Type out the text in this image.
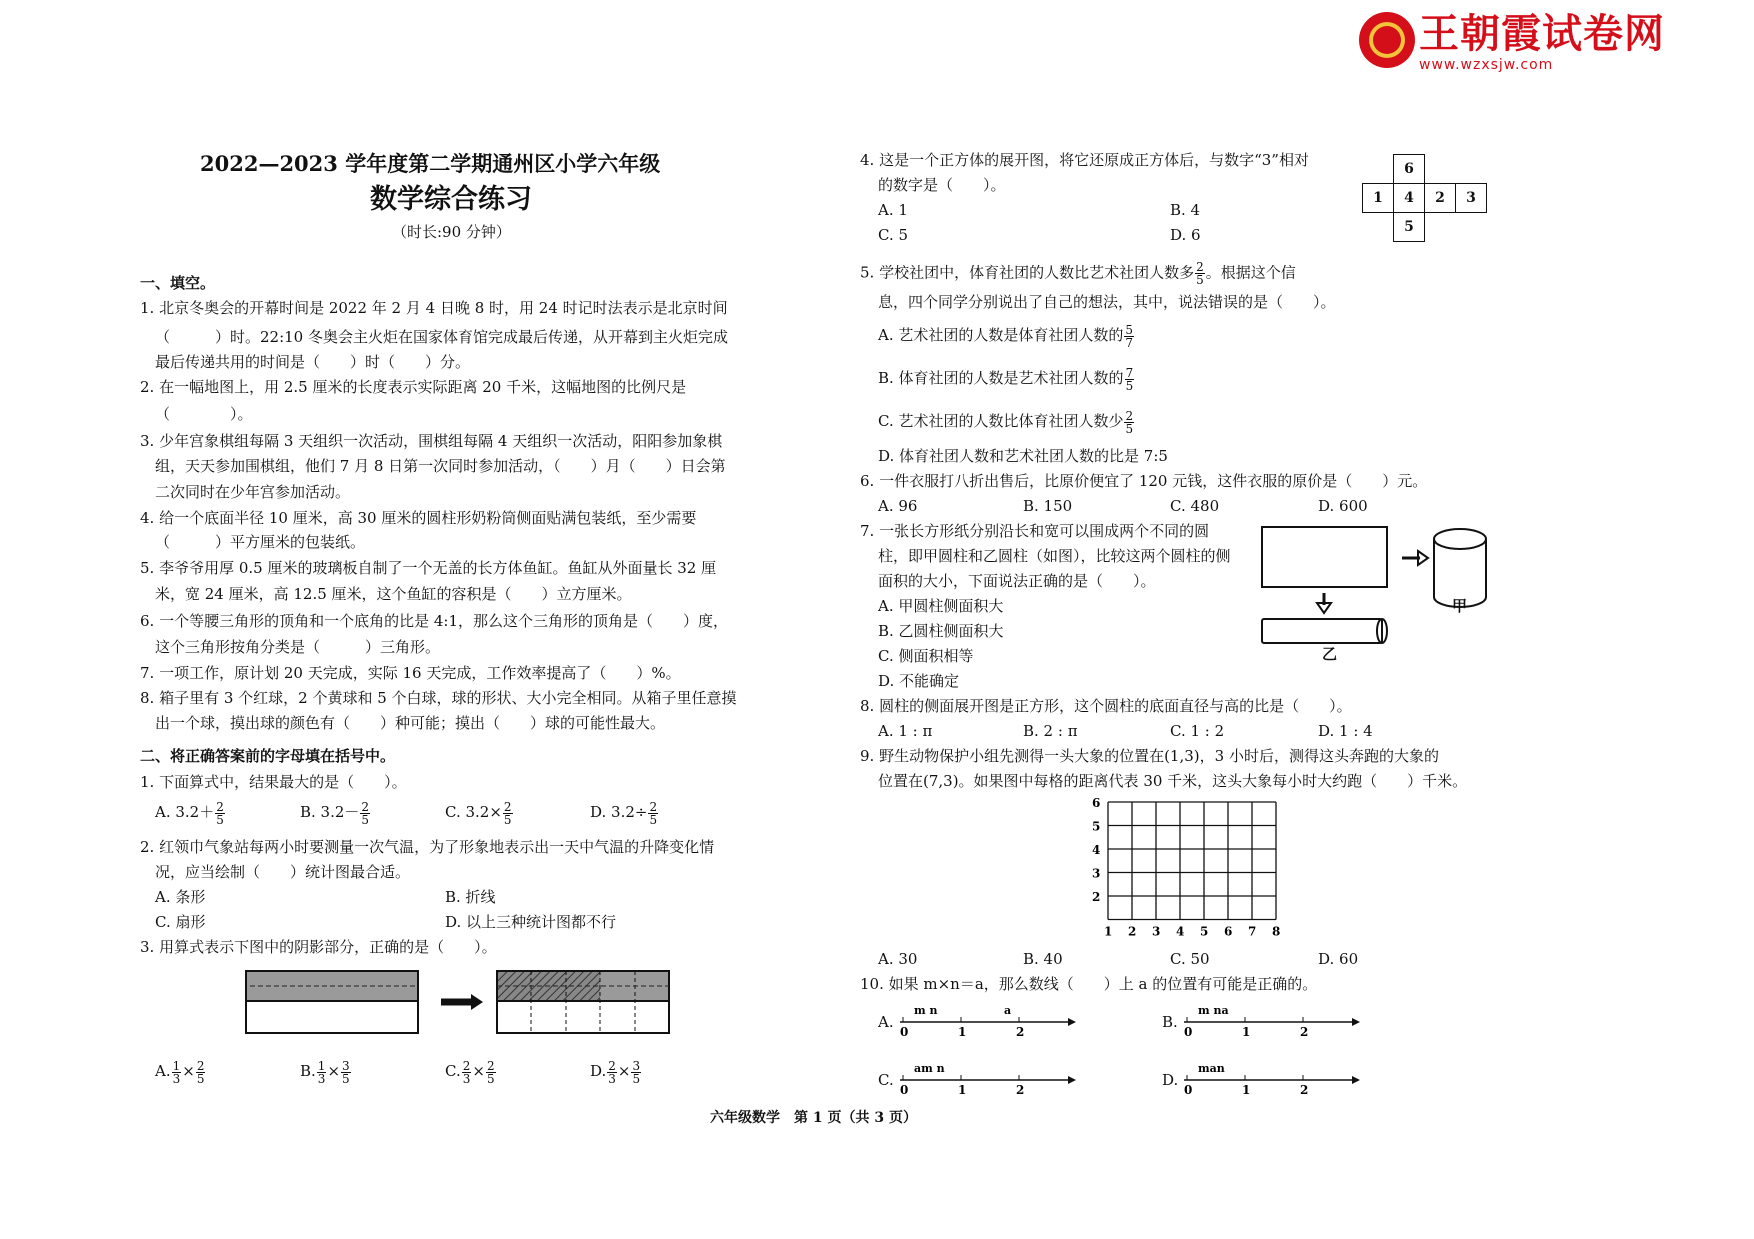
王朝霞试卷网
www.wzxsjw.com
2022—2023 学年度第二学期通州区小学六年级
数学综合练习
（时长:90 分钟）
一、填空。
1. 北京冬奥会的开幕时间是 2022 年 2 月 4 日晚 8 时，用 24 时记时法表示是北京时间
（　　　）时。22:10 冬奥会主火炬在国家体育馆完成最后传递，从开幕到主火炬完成
最后传递共用的时间是（　　）时（　　）分。
2. 在一幅地图上，用 2.5 厘米的长度表示实际距离 20 千米，这幅地图的比例尺是
（　　　　）。
3. 少年宫象棋组每隔 3 天组织一次活动，围棋组每隔 4 天组织一次活动，阳阳参加象棋
组，天天参加围棋组，他们 7 月 8 日第一次同时参加活动，（　　）月（　　）日会第
二次同时在少年宫参加活动。
4. 给一个底面半径 10 厘米，高 30 厘米的圆柱形奶粉筒侧面贴满包装纸，至少需要
（　　　）平方厘米的包装纸。
5. 李爷爷用厚 0.5 厘米的玻璃板自制了一个无盖的长方体鱼缸。鱼缸从外面量长 32 厘
米，宽 24 厘米，高 12.5 厘米，这个鱼缸的容积是（　　）立方厘米。
6. 一个等腰三角形的顶角和一个底角的比是 4:1，那么这个三角形的顶角是（　　）度，
这个三角形按角分类是（　　　）三角形。
7. 一项工作，原计划 20 天完成，实际 16 天完成，工作效率提高了（　　）%。
8. 箱子里有 3 个红球，2 个黄球和 5 个白球，球的形状、大小完全相同。从箱子里任意摸
出一个球，摸出球的颜色有（　　）种可能；摸出（　　）球的可能性最大。
二、将正确答案前的字母填在括号中。
1. 下面算式中，结果最大的是（　　）。
A. $3.2+ \frac{2}{5}$	B. $3.2- \frac{2}{5}$	C. $3.2\times \frac{2}{5}$	D. $3.2\div \frac{2}{5}$
2. 红领巾气象站每两小时要测量一次气温，为了形象地表示出一天中气温的升降变化情
况，应当绘制（　　）统计图最合适。
A. 条形	B. 折线
C. 扇形	D. 以上三种统计图都不行
3. 用算式表示下图中的阴影部分，正确的是（　　）。
A. $\frac{1}{3} \times \frac{2}{5}$	B. $\frac{1}{3} \times \frac{3}{5}$	C. $\frac{2}{3} \times \frac{2}{5}$	D. $\frac{2}{3} \times \frac{3}{5}$
4. 这是一个正方体的展开图，将它还原成正方体后，与数字“3”相对
的数字是（　　）。
A. 1	B. 4
C. 5	D. 6
	6		
1	4	2	3
	5		
5. 学校社团中，体育社团的人数比艺术社团人数多 $\frac{2}{5}$ 。根据这个信
息，四个同学分别说出了自己的想法，其中，说法错误的是（　　）。
A. 艺术社团的人数是体育社团人数的 $\frac{5}{7}$
B. 体育社团的人数是艺术社团人数的 $\frac{7}{5}$
C. 艺术社团的人数比体育社团人数少 $\frac{2}{5}$
D. 体育社团人数和艺术社团人数的比是 7:5
6. 一件衣服打八折出售后，比原价便宜了 120 元钱，这件衣服的原价是（　　）元。
A. 96	B. 150	C. 480	D. 600
7. 一张长方形纸分别沿长和宽可以围成两个不同的圆
柱，即甲圆柱和乙圆柱（如图），比较这两个圆柱的侧
面积的大小，下面说法正确的是（　　）。
A. 甲圆柱侧面积大
B. 乙圆柱侧面积大
C. 侧面积相等
D. 不能确定
甲
乙
8. 圆柱的侧面展开图是正方形，这个圆柱的底面直径与高的比是（　　）。
A. 1 : π	B. 2 : π	C. 1 : 2	D. 1 : 4
9. 野生动物保护小组先测得一头大象的位置在(1,3)，3 小时后，测得这头奔跑的大象的
位置在(7,3)。如果图中每格的距离代表 30 千米，这头大象每小时大约跑（　　）千米。
1 2 3 4 5 6 7 8
2
3
4
5
6
A. 30	B. 40	C. 50	D. 60
10. 如果 m×n＝a，那么数线（　　）上 a 的位置有可能是正确的。
A.
0	1	2
m n	a
B.
0	1	2
m na
C.
0	1	2
am n
D.
0	1	2
man
六年级数学　第 1 页（共 3 页）
